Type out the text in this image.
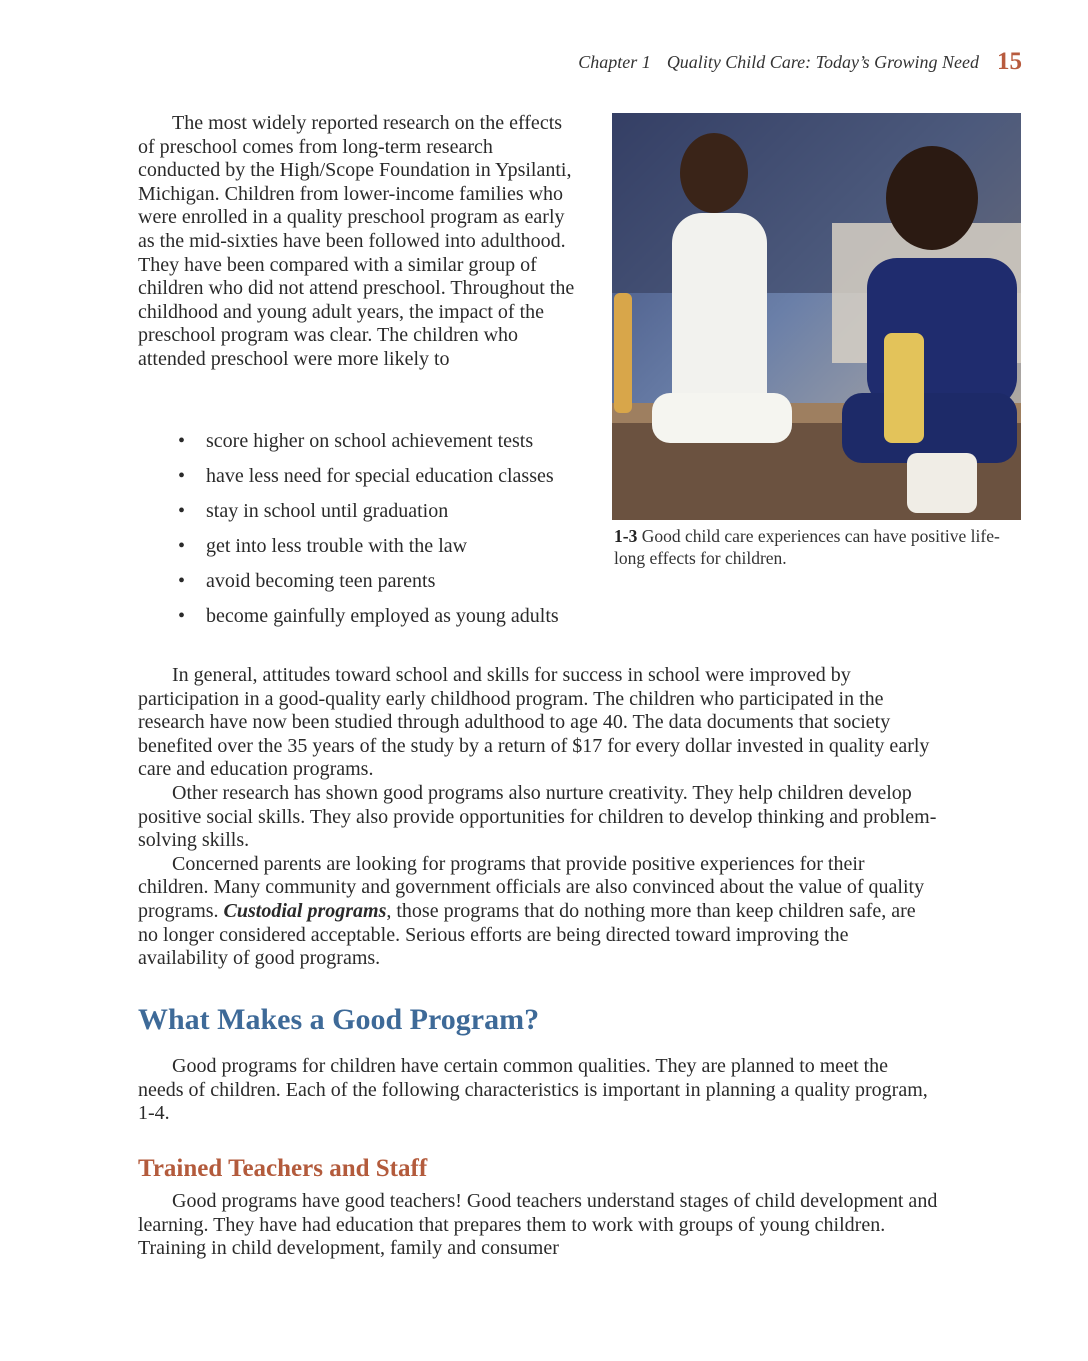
Chapter 1 Quality Child Care: Today’s Growing Need 15

The most widely reported research on the effects of preschool comes from long-term research conducted by the High/Scope Foundation in Ypsilanti, Michigan. Children from lower-income families who were enrolled in a quality preschool program as early as the mid-sixties have been followed into adulthood. They have been compared with a similar group of children who did not attend preschool. Throughout the childhood and young adult years, the impact of the preschool program was clear. The children who attended preschool were more likely to

• score higher on school achievement tests
• have less need for special education classes
• stay in school until graduation
• get into less trouble with the law
• avoid becoming teen parents
• become gainfully employed as young adults

In general, attitudes toward school and skills for success in school were improved by participation in a good-quality early childhood program. The children who participated in the research have now been studied through adulthood to age 40. The data documents that society benefited over the 35 years of the study by a return of $17 for every dollar invested in quality early care and education programs.

Other research has shown good programs also nurture creativity. They help children develop positive social skills. They also provide opportunities for children to develop thinking and problem-solving skills.

Concerned parents are looking for programs that provide positive experiences for their children. Many community and government officials are also convinced about the value of quality programs. Custodial programs, those programs that do nothing more than keep children safe, are no longer considered acceptable. Serious efforts are being directed toward improving the availability of good programs.

Good programs for children have certain common qualities. They are planned to meet the needs of children. Each of the following characteristics is important in planning a quality program, 1-4.

Good programs have good teachers! Good teachers understand stages of child development and learning. They have had education that prepares them to work with groups of young children. Training in child development, family and consumer

1-3 Good child care experiences can have positive life-long effects for children.
What Makes a Good Program?
Trained Teachers and Staff
